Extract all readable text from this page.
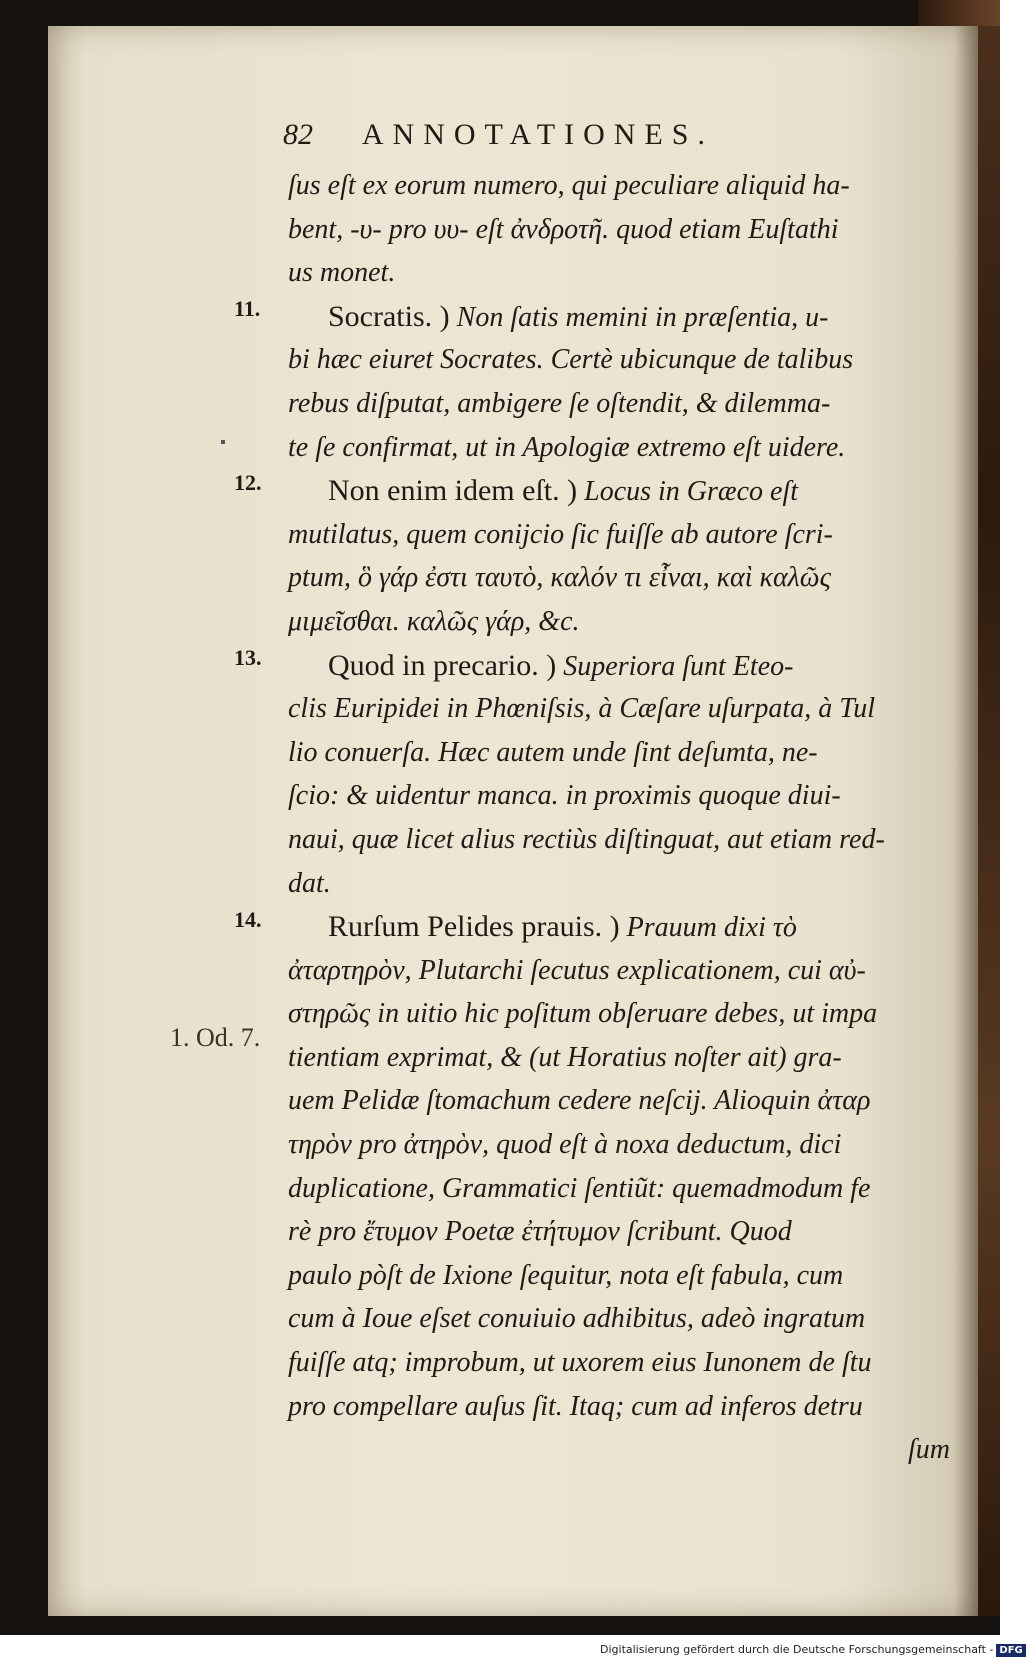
82 ANNOTATIONES.
11.
12.
13.
14.
1. Od. 7.
ſus eſt ex eorum numero, qui peculiare aliquid ha-
bent, -υ- pro υυ- eſt ἀνδροτῆ. quod etiam Euſtathi
us monet.
Socratis. ) Non ſatis memini in præſentia, u-
bi hæc eiuret Socrates. Certè ubicunque de talibus
rebus diſputat, ambigere ſe oſtendit, & dilemma-
te ſe confirmat, ut in Apologiæ extremo eſt uidere.
Non enim idem eſt. ) Locus in Græco eſt
mutilatus, quem conijcio ſic fuiſſe ab autore ſcri-
ptum, ὃ γάρ ἐστι ταυτὸ, καλόν τι εἶναι, καὶ καλῶς
μιμεῖσθαι. καλῶς γάρ, &c.
Quod in precario. ) Superiora ſunt Eteo-
clis Euripidei in Phœniſsis, à Cæſare uſurpata, à Tul
lio conuerſa. Hæc autem unde ſint deſumta, ne-
ſcio: & uidentur manca. in proximis quoque diui-
naui, quæ licet alius rectiùs diſtinguat, aut etiam red-
dat.
Rurſum Pelides prauis. ) Prauum dixi τὸ
ἀταρτηρὸν, Plutarchi ſecutus explicationem, cui αὐ-
στηρῶς in uitio hic poſitum obſeruare debes, ut impa
tientiam exprimat, & (ut Horatius noſter ait) gra-
uem Pelidæ ſtomachum cedere neſcij. Alioquin ἀταρ
τηρὸν pro ἀτηρὸν, quod eſt à noxa deductum, dici
duplicatione, Grammatici ſentiũt: quemadmodum fe
rè pro ἔτυμον Poetæ ἐτήτυμον ſcribunt. Quod
paulo pòſt de Ixione ſequitur, nota eſt fabula, cum
cum à Ioue eſset conuiuio adhibitus, adeò ingratum
fuiſſe atq; improbum, ut uxorem eius Iunonem de ſtu
pro compellare auſus ſit. Itaq; cum ad inferos detru
ſum
Digitalisierung gefördert durch die Deutsche Forschungsgemeinschaft - DFG
